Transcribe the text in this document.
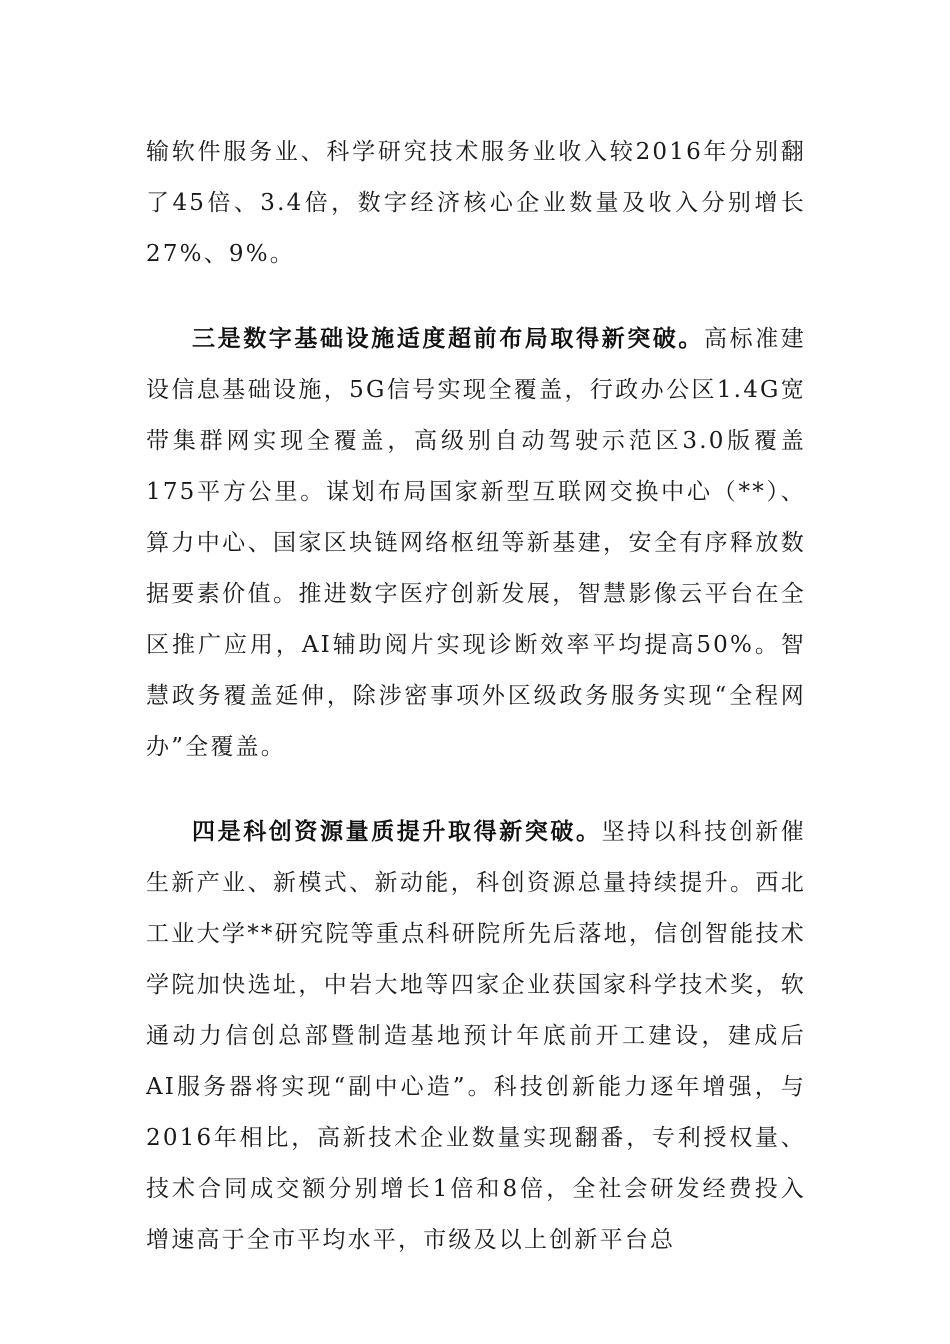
输软件服务业、科学研究技术服务业收入较2016年分别翻了45倍、3.4倍，数字经济核心企业数量及收入分别增长27%、9%。

三是数字基础设施适度超前布局取得新突破。高标准建设信息基础设施，5G信号实现全覆盖，行政办公区1.4G宽带集群网实现全覆盖，高级别自动驾驶示范区3.0版覆盖175平方公里。谋划布局国家新型互联网交换中心（**）、算力中心、国家区块链网络枢纽等新基建，安全有序释放数据要素价值。推进数字医疗创新发展，智慧影像云平台在全区推广应用，AI辅助阅片实现诊断效率平均提高50%。智慧政务覆盖延伸，除涉密事项外区级政务服务实现“全程网办”全覆盖。

四是科创资源量质提升取得新突破。坚持以科技创新催生新产业、新模式、新动能，科创资源总量持续提升。西北工业大学**研究院等重点科研院所先后落地，信创智能技术学院加快选址，中岩大地等四家企业获国家科学技术奖，软通动力信创总部暨制造基地预计年底前开工建设，建成后AI服务器将实现“副中心造”。科技创新能力逐年增强，与2016年相比，高新技术企业数量实现翻番，专利授权量、技术合同成交额分别增长1倍和8倍，全社会研发经费投入增速高于全市平均水平，市级及以上创新平台总
